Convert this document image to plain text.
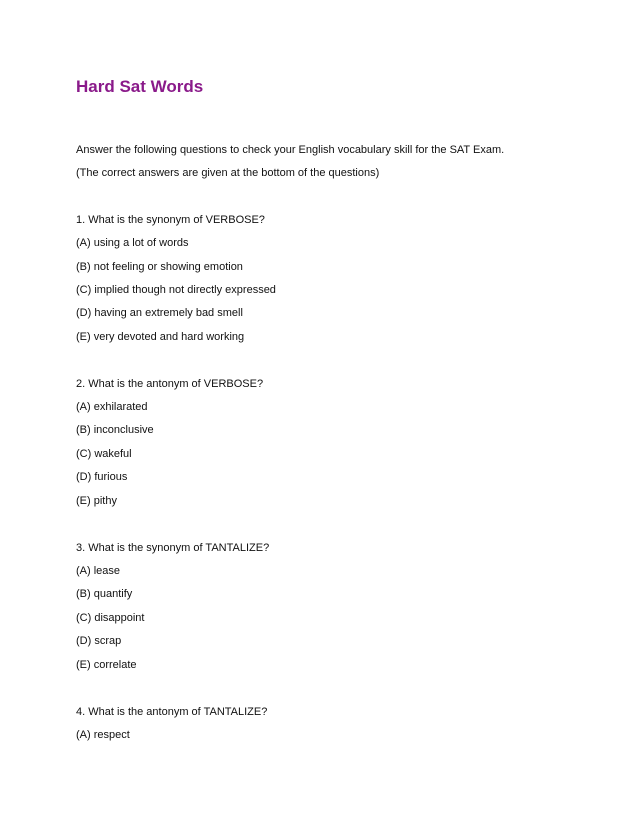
Hard Sat Words

Answer the following questions to check your English vocabulary skill for the SAT Exam.

(The correct answers are given at the bottom of the questions)

1. What is the synonym of VERBOSE?

(A) using a lot of words

(B) not feeling or showing emotion

(C) implied though not directly expressed

(D) having an extremely bad smell

(E) very devoted and hard working

2. What is the antonym of VERBOSE?

(A) exhilarated

(B) inconclusive

(C) wakeful

(D) furious

(E) pithy

3. What is the synonym of TANTALIZE?

(A) lease

(B) quantify

(C) disappoint

(D) scrap

(E) correlate

4. What is the antonym of TANTALIZE?

(A) respect
